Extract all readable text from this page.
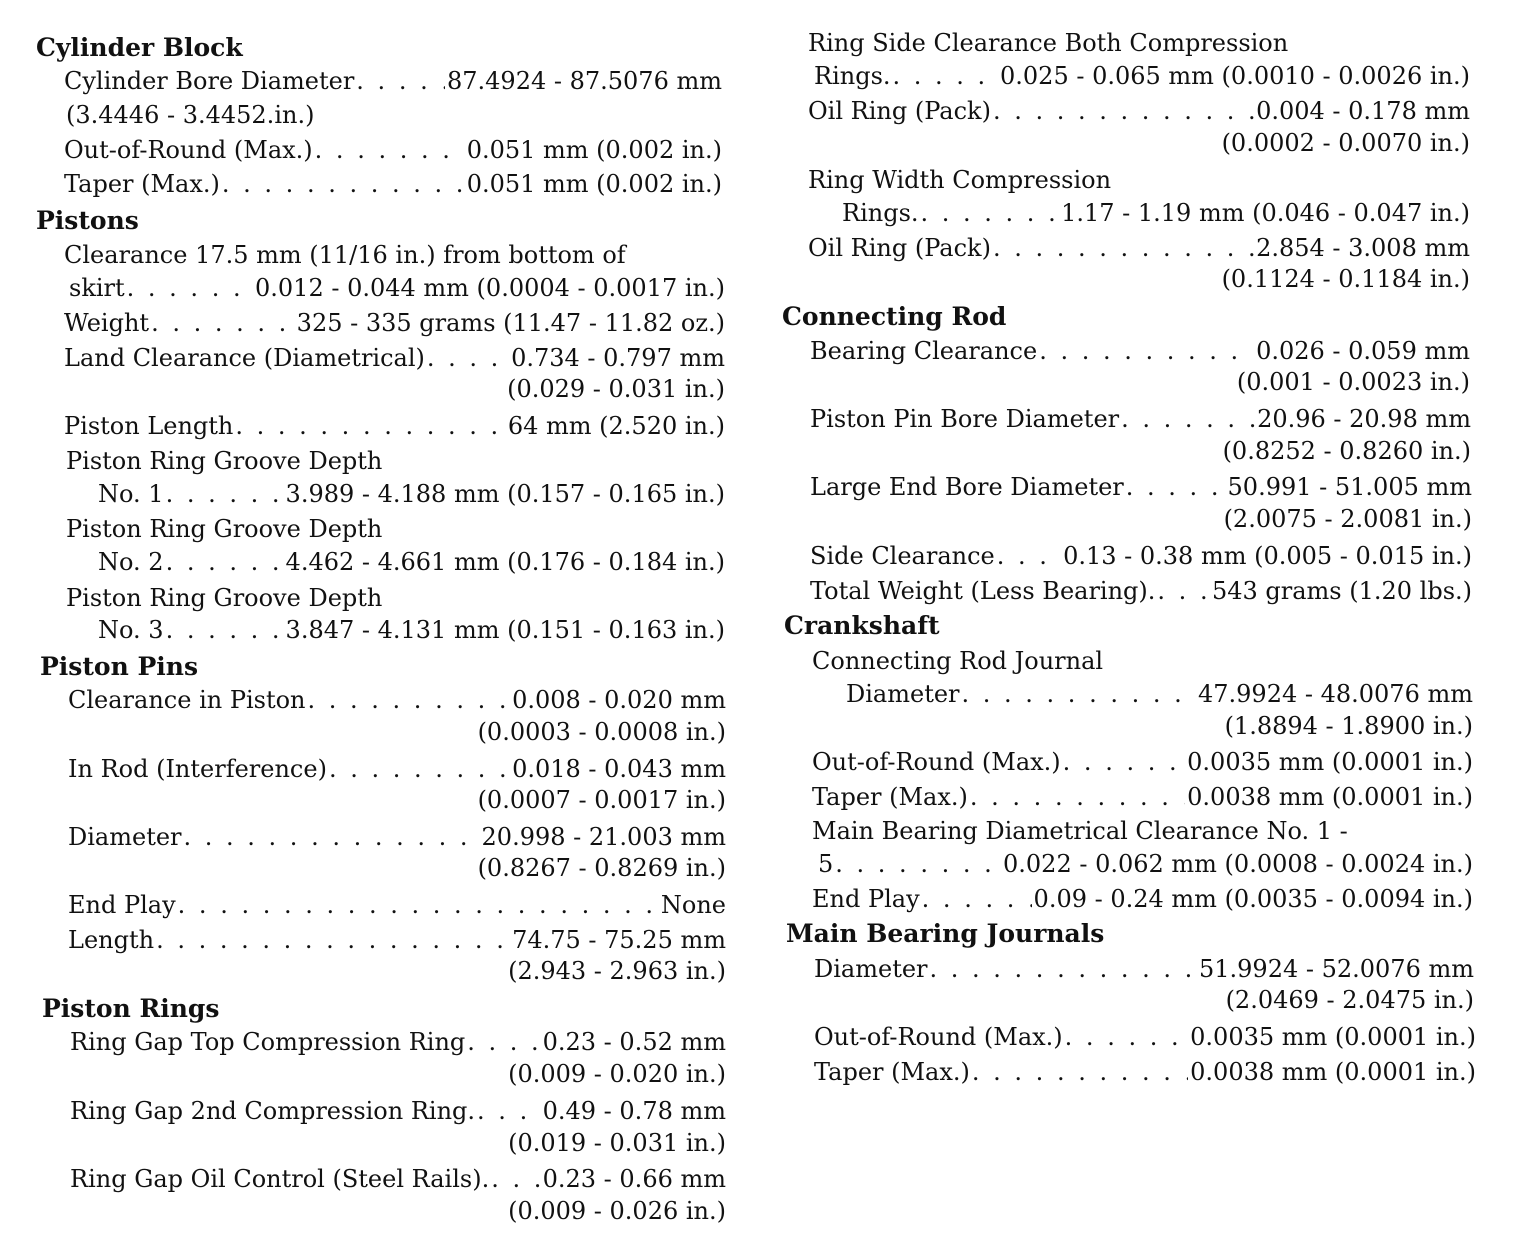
Cylinder Block
Cylinder Bore Diameter . . .	87.4924 - 87.5076 mm
(3.4446 - 3.4452.in.)
Out-of-Round (Max.) . . .	0.051 mm (0.002 in.)
Taper (Max.) . . .	0.051 mm (0.002 in.)
Pistons
Clearance 17.5 mm (11/16 in.) from bottom of
skirt . . .	0.012 - 0.044 mm (0.0004 - 0.0017 in.)
Weight . . .	325 - 335 grams (11.47 - 11.82 oz.)
Land Clearance (Diametrical) . . .	0.734 - 0.797 mm
(0.029 - 0.031 in.)
Piston Length . . .	64 mm (2.520 in.)
Piston Ring Groove Depth
No. 1 . . .	3.989 - 4.188 mm (0.157 - 0.165 in.)
Piston Ring Groove Depth
No. 2 . . .	4.462 - 4.661 mm (0.176 - 0.184 in.)
Piston Ring Groove Depth
No. 3 . . .	3.847 - 4.131 mm (0.151 - 0.163 in.)
Piston Pins
Clearance in Piston . . .	0.008 - 0.020 mm
(0.0003 - 0.0008 in.)
In Rod (Interference) . . .	0.018 - 0.043 mm
(0.0007 - 0.0017 in.)
Diameter . . .	20.998 - 21.003 mm
(0.8267 - 0.8269 in.)
End Play . . .	None
Length . . .	74.75 - 75.25 mm
(2.943 - 2.963 in.)
Piston Rings
Ring Gap Top Compression Ring . . .	0.23 - 0.52 mm
(0.009 - 0.020 in.)
Ring Gap 2nd Compression Ring. . . .	0.49 - 0.78 mm
(0.019 - 0.031 in.)
Ring Gap Oil Control (Steel Rails). . . . 0.23 - 0.66 mm
(0.009 - 0.026 in.)
Ring Side Clearance Both Compression
Rings. . . .	0.025 - 0.065 mm (0.0010 - 0.0026 in.)
Oil Ring (Pack) . . .	0.004 - 0.178 mm
(0.0002 - 0.0070 in.)
Ring Width Compression
Rings. . . .	1.17 - 1.19 mm (0.046 - 0.047 in.)
Oil Ring (Pack) . . .	2.854 - 3.008 mm
(0.1124 - 0.1184 in.)
Connecting Rod
Bearing Clearance . . .	0.026 - 0.059 mm
(0.001 - 0.0023 in.)
Piston Pin Bore Diameter . . .	20.96 - 20.98 mm
(0.8252 - 0.8260 in.)
Large End Bore Diameter . . .	50.991 - 51.005 mm
(2.0075 - 2.0081 in.)
Side Clearance . . .	0.13 - 0.38 mm (0.005 - 0.015 in.)
Total Weight (Less Bearing). . . . 543 grams (1.20 lbs.)
Crankshaft
Connecting Rod Journal
Diameter . . .	47.9924 - 48.0076 mm
(1.8894 - 1.8900 in.)
Out-of-Round (Max.) . . .	0.0035 mm (0.0001 in.)
Taper (Max.) . . .	0.0038 mm (0.0001 in.)
Main Bearing Diametrical Clearance No. 1 -
5 . . .	0.022 - 0.062 mm (0.0008 - 0.0024 in.)
End Play . . .	0.09 - 0.24 mm (0.0035 - 0.0094 in.)
Main Bearing Journals
Diameter . . .	51.9924 - 52.0076 mm
(2.0469 - 2.0475 in.)
Out-of-Round (Max.) . . .	0.0035 mm (0.0001 in.)
Taper (Max.) . . .	0.0038 mm (0.0001 in.)
